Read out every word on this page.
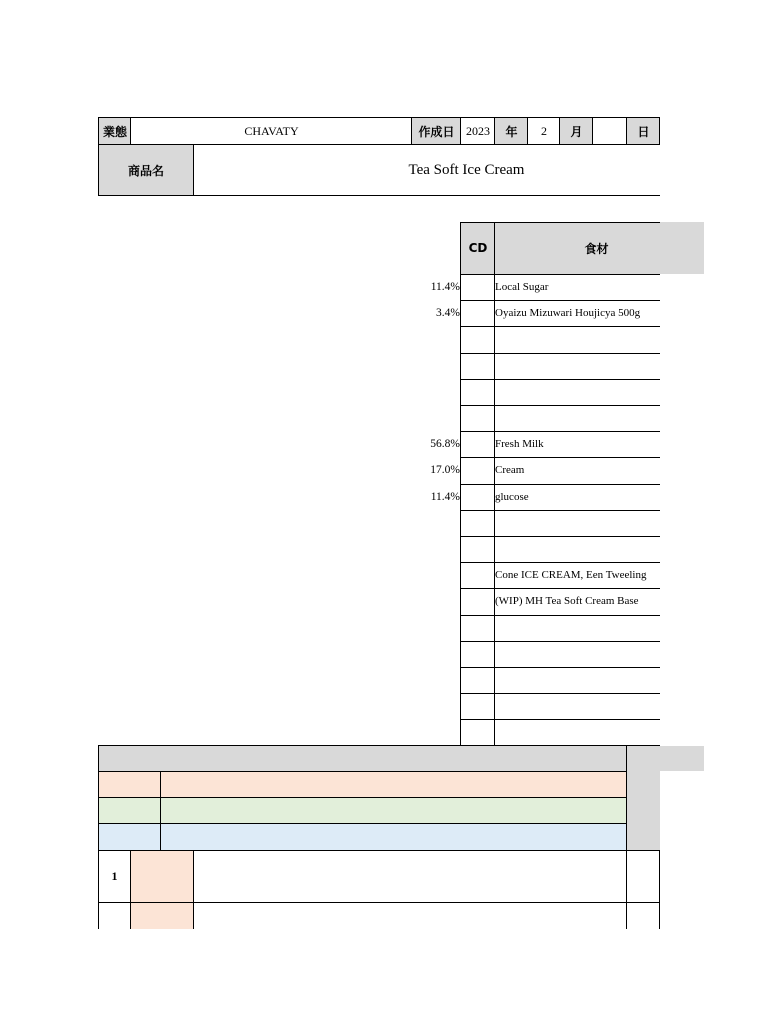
業態	CHAVATY	作成日 2023	年	2	月	日
商品名	Tea Soft Ice Cream
CD	食材
11.4%	Local Sugar
3.4%	Oyaizu Mizuwari Houjicya 500g
56.8%	Fresh Milk
17.0%	Cream
11.4%	glucose
Cone ICE CREAM, Een Tweeling
(WIP) MH Tea Soft Cream Base
1
